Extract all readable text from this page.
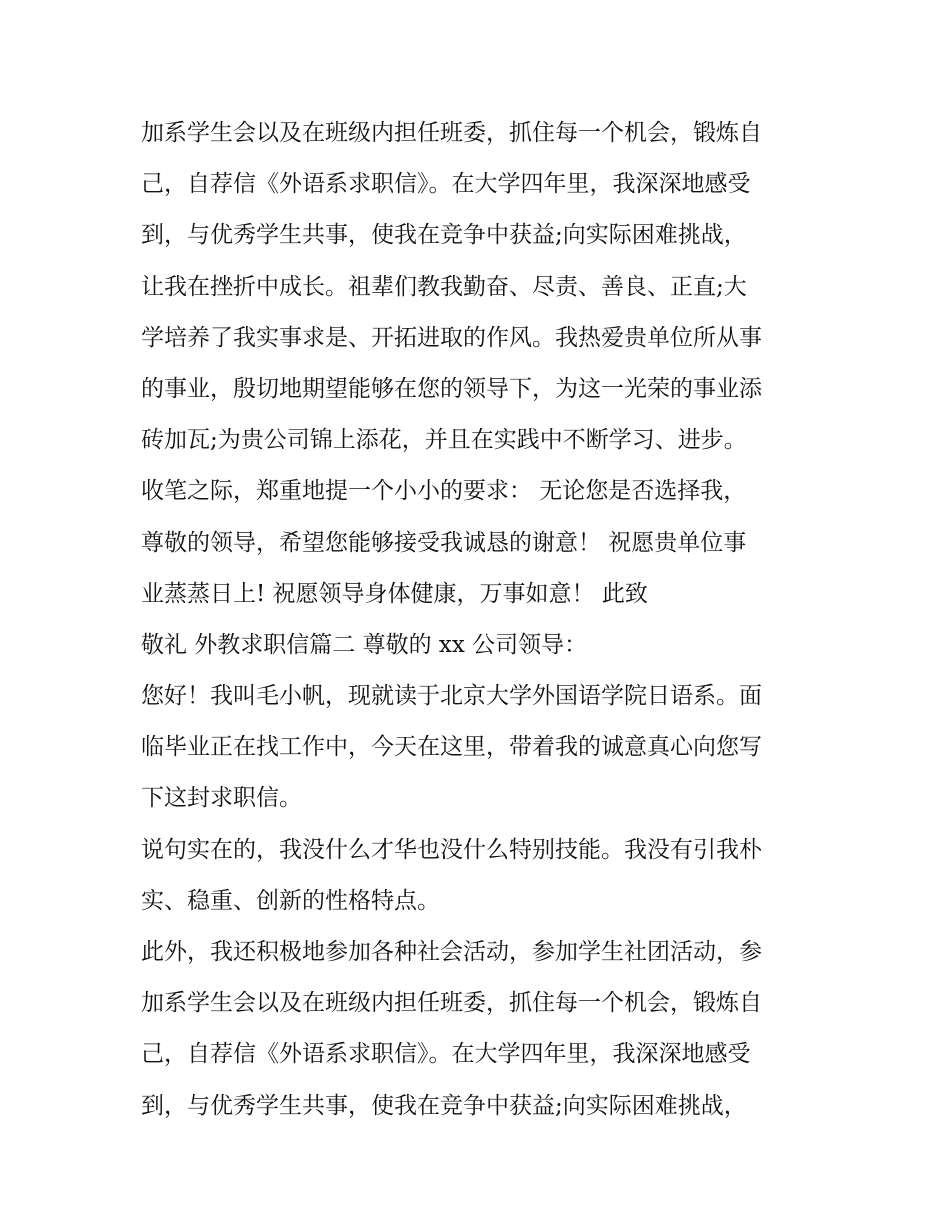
加系学生会以及在班级内担任班委，抓住每一个机会，锻炼自

己，自荐信《外语系求职信》。在大学四年里，我深深地感受

到，与优秀学生共事，使我在竞争中获益;向实际困难挑战，

让我在挫折中成长。祖辈们教我勤奋、尽责、善良、正直;大

学培养了我实事求是、开拓进取的作风。我热爱贵单位所从事

的事业，殷切地期望能够在您的领导下，为这一光荣的事业添

砖加瓦;为贵公司锦上添花，并且在实践中不断学习、进步。

收笔之际，郑重地提一个小小的要求： 无论您是否选择我，

尊敬的领导，希望您能够接受我诚恳的谢意！ 祝愿贵单位事

业蒸蒸日上! 祝愿领导身体健康，万事如意！ 此致

敬礼 外教求职信篇二 尊敬的 xx 公司领导：

您好！我叫毛小帆，现就读于北京大学外国语学院日语系。面

临毕业正在找工作中，今天在这里，带着我的诚意真心向您写

下这封求职信。

说句实在的，我没什么才华也没什么特别技能。我没有引我朴

实、稳重、创新的性格特点。

此外，我还积极地参加各种社会活动，参加学生社团活动，参

加系学生会以及在班级内担任班委，抓住每一个机会，锻炼自

己，自荐信《外语系求职信》。在大学四年里，我深深地感受

到，与优秀学生共事，使我在竞争中获益;向实际困难挑战，
